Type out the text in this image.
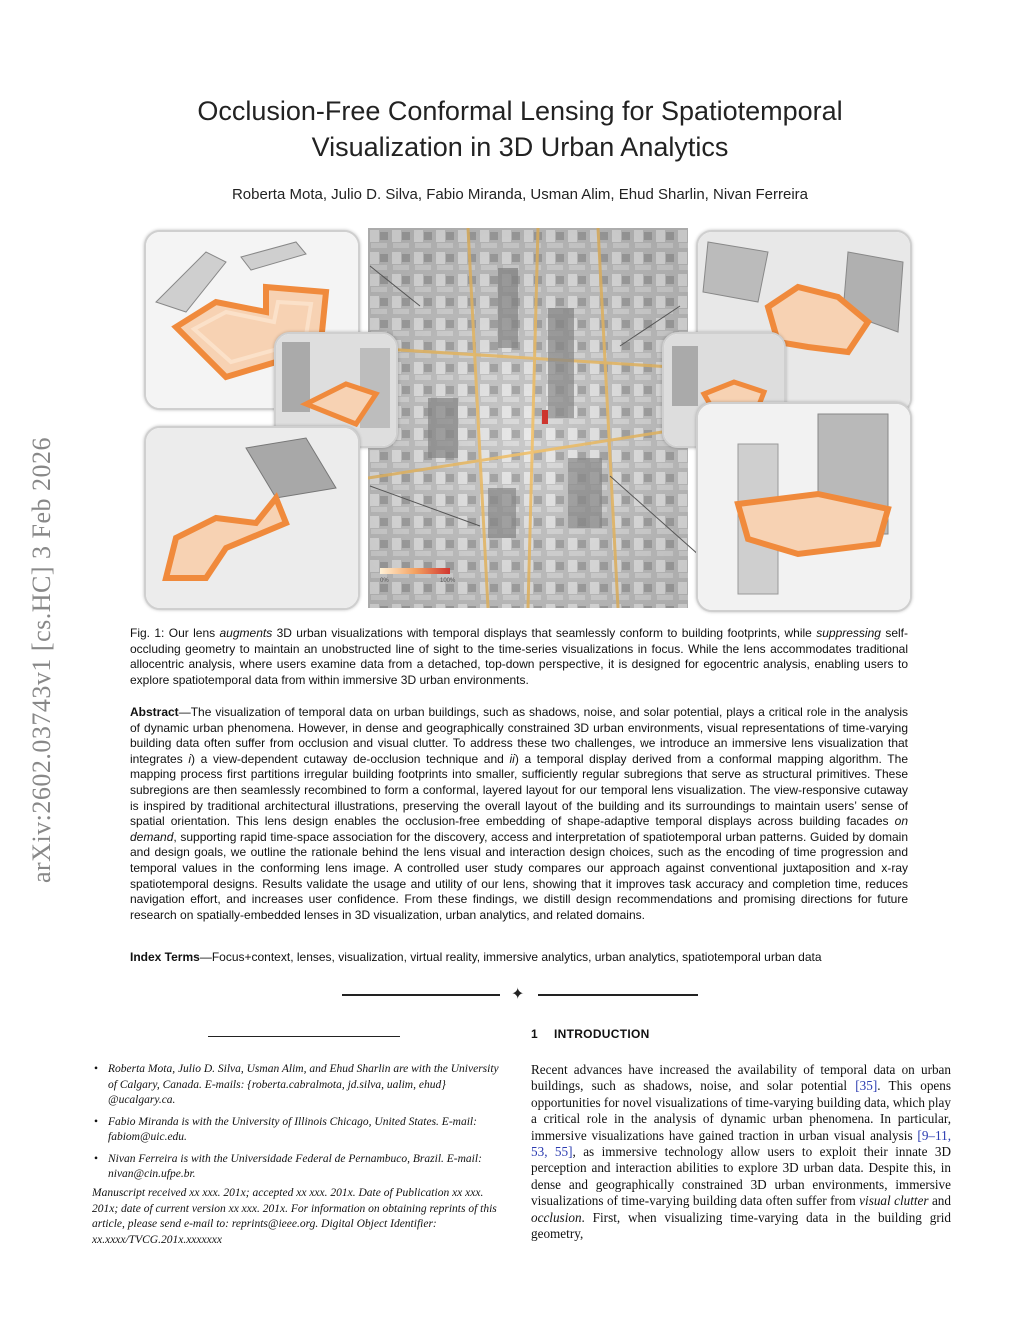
arXiv:2602.03743v1 [cs.HC] 3 Feb 2026
Occlusion-Free Conformal Lensing for Spatiotemporal
Visualization in 3D Urban Analytics
Roberta Mota, Julio D. Silva, Fabio Miranda, Usman Alim, Ehud Sharlin, Nivan Ferreira
0%	100%
Fig. 1: Our lens augments 3D urban visualizations with temporal displays that seamlessly conform to building footprints, while suppressing self-occluding geometry to maintain an unobstructed line of sight to the time-series visualizations in focus. While the lens accommodates traditional allocentric analysis, where users examine data from a detached, top-down perspective, it is designed for egocentric analysis, enabling users to explore spatiotemporal data from within immersive 3D urban environments.
Abstract—The visualization of temporal data on urban buildings, such as shadows, noise, and solar potential, plays a critical role in the analysis of dynamic urban phenomena. However, in dense and geographically constrained 3D urban environments, visual representations of time-varying building data often suffer from occlusion and visual clutter. To address these two challenges, we introduce an immersive lens visualization that integrates i) a view-dependent cutaway de-occlusion technique and ii) a temporal display derived from a conformal mapping algorithm. The mapping process first partitions irregular building footprints into smaller, sufficiently regular subregions that serve as structural primitives. These subregions are then seamlessly recombined to form a conformal, layered layout for our temporal lens visualization. The view-responsive cutaway is inspired by traditional architectural illustrations, preserving the overall layout of the building and its surroundings to maintain users’ sense of spatial orientation. This lens design enables the occlusion-free embedding of shape-adaptive temporal displays across building facades on demand, supporting rapid time-space association for the discovery, access and interpretation of spatiotemporal urban patterns. Guided by domain and design goals, we outline the rationale behind the lens visual and interaction design choices, such as the encoding of time progression and temporal values in the conforming lens image. A controlled user study compares our approach against conventional juxtaposition and x-ray spatiotemporal designs. Results validate the usage and utility of our lens, showing that it improves task accuracy and completion time, reduces navigation effort, and increases user confidence. From these findings, we distill design recommendations and promising directions for future research on spatially-embedded lenses in 3D visualization, urban analytics, and related domains.
Index Terms—Focus+context, lenses, visualization, virtual reality, immersive analytics, urban analytics, spatiotemporal urban data
✦
• Roberta Mota, Julio D. Silva, Usman Alim, and Ehud Sharlin are with the University of Calgary, Canada. E-mails: {roberta.cabralmota, jd.silva, ualim, ehud} @ucalgary.ca.
• Fabio Miranda is with the University of Illinois Chicago, United States. E-mail: fabiom@uic.edu.
• Nivan Ferreira is with the Universidade Federal de Pernambuco, Brazil. E-mail: nivan@cin.ufpe.br.
Manuscript received xx xxx. 201x; accepted xx xxx. 201x. Date of Publication xx xxx. 201x; date of current version xx xxx. 201x. For information on obtaining reprints of this article, please send e-mail to: reprints@ieee.org. Digital Object Identifier: xx.xxxx/TVCG.201x.xxxxxxx
1 INTRODUCTION
Recent advances have increased the availability of temporal data on urban buildings, such as shadows, noise, and solar potential [35]. This opens opportunities for novel visualizations of time-varying building data, which play a critical role in the analysis of dynamic urban phenomena. In particular, immersive visualizations have gained traction in urban visual analysis [9–11, 53, 55], as immersive technology allow users to exploit their innate 3D perception and interaction abilities to explore 3D urban data. Despite this, in dense and geographically constrained 3D urban environments, immersive visualizations of time-varying building data often suffer from visual clutter and occlusion. First, when visualizing time-varying data in the building grid geometry,
